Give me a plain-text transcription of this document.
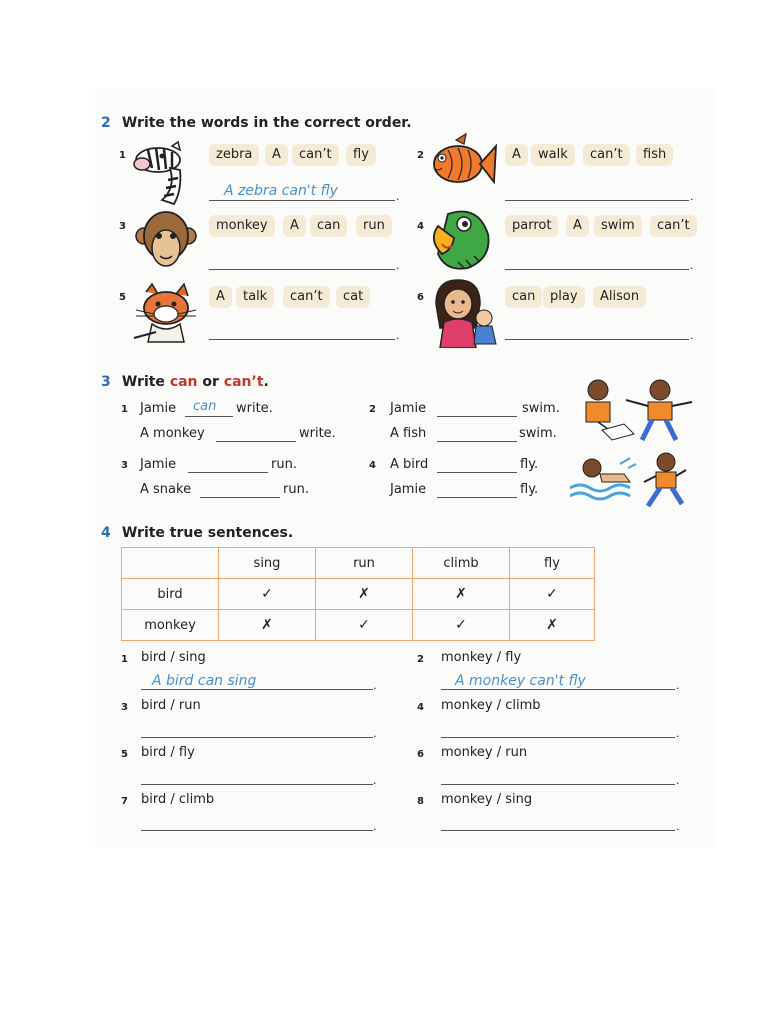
2 Write the words in the correct order.
1	zebra	A	can’t	fly
A zebra can't fly	.
2	A	walk	can’t	fish
.
3	monkey	A	can	run
.
4	parrot	A	swim	can’t
.
5	A	talk	can’t	cat
.
6	can	play	Alison
.
3 Write can or can’t.
1 Jamie can write.
A monkey	write.
2 Jamie	swim.
A fish	swim.
3 Jamie	run.
A snake	run.
4 A bird	fly.
Jamie	fly.
4 Write true sentences.
	sing	run	climb	fly
bird	✓	✗	✗	✓
monkey	✗	✓	✓	✗
1 bird / sing
A bird can sing	.
3 bird / run
.
5 bird / fly
.
7 bird / climb
.
2 monkey / fly
A monkey can't fly	.
4 monkey / climb
.
6 monkey / run
.
8 monkey / sing
.
